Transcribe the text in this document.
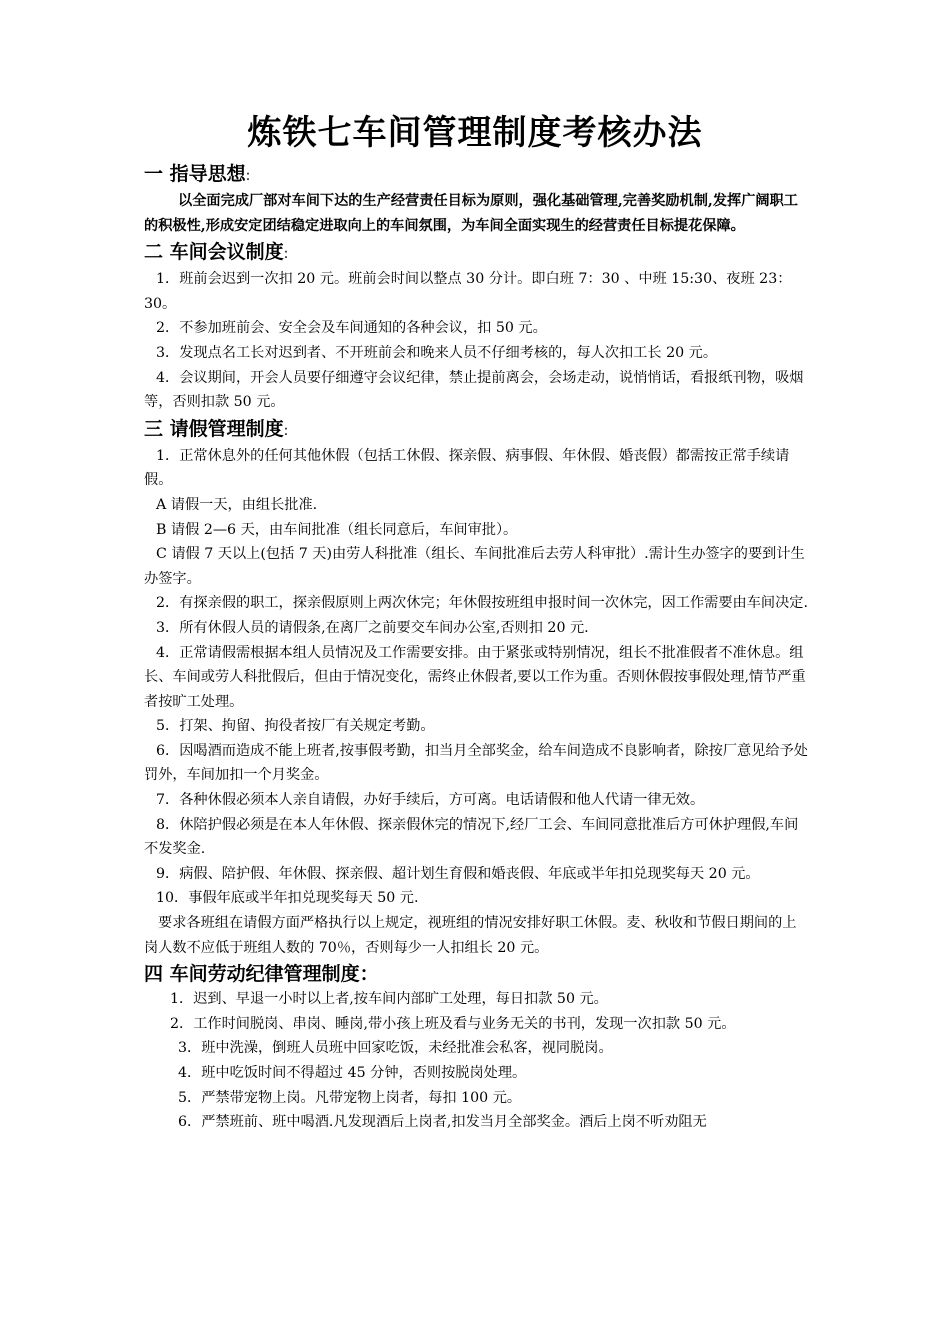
炼铁七车间管理制度考核办法
一 指导思想:

以全面完成厂部对车间下达的生产经营责任目标为原则，强化基础管理,完善奖励机制,发挥广阔职工的积极性,形成安定团结稳定进取向上的车间氛围，为车间全面实现生的经营责任目标提花保障。

二 车间会议制度:

1．班前会迟到一次扣 20 元。班前会时间以整点 30 分计。即白班 7：30 、中班 15:30、夜班 23：30。

2．不参加班前会、安全会及车间通知的各种会议，扣 50 元。

3．发现点名工长对迟到者、不开班前会和晚来人员不仔细考核的，每人次扣工长 20 元。

4．会议期间，开会人员要仔细遵守会议纪律，禁止提前离会，会场走动，说悄悄话，看报纸刊物，吸烟等，否则扣款 50 元。

三 请假管理制度:

1．正常休息外的任何其他休假（包括工休假、探亲假、病事假、年休假、婚丧假）都需按正常手续请假。

A 请假一天，由组长批准.

B 请假 2—6 天，由车间批准（组长同意后，车间审批）。

C 请假 7 天以上(包括 7 天)由劳人科批准（组长、车间批准后去劳人科审批）.需计生办签字的要到计生办签字。

2．有探亲假的职工，探亲假原则上两次休完；年休假按班组申报时间一次休完，因工作需要由车间决定.

3．所有休假人员的请假条,在离厂之前要交车间办公室,否则扣 20 元.

4．正常请假需根据本组人员情况及工作需要安排。由于紧张或特别情况，组长不批准假者不准休息。组长、车间或劳人科批假后，但由于情况变化，需终止休假者,要以工作为重。否则休假按事假处理,情节严重者按旷工处理。

5．打架、拘留、拘役者按厂有关规定考勤。

6．因喝酒而造成不能上班者,按事假考勤，扣当月全部奖金，给车间造成不良影响者，除按厂意见给予处罚外，车间加扣一个月奖金。

7．各种休假必须本人亲自请假，办好手续后，方可离。电话请假和他人代请一律无效。

8．休陪护假必须是在本人年休假、探亲假休完的情况下,经厂工会、车间同意批准后方可休护理假,车间不发奖金.

9．病假、陪护假、年休假、探亲假、超计划生育假和婚丧假、年底或半年扣兑现奖每天 20 元。

10．事假年底或半年扣兑现奖每天 50 元.

要求各班组在请假方面严格执行以上规定，视班组的情况安排好职工休假。麦、秋收和节假日期间的上岗人数不应低于班组人数的 70％，否则每少一人扣组长 20 元。

四 车间劳动纪律管理制度：

1．迟到、早退一小时以上者,按车间内部旷工处理，每日扣款 50 元。

2．工作时间脱岗、串岗、睡岗,带小孩上班及看与业务无关的书刊，发现一次扣款 50 元。

3．班中洗澡，倒班人员班中回家吃饭，未经批准会私客，视同脱岗。

4．班中吃饭时间不得超过 45 分钟，否则按脱岗处理。

5．严禁带宠物上岗。凡带宠物上岗者，每扣 100 元。

6．严禁班前、班中喝酒.凡发现酒后上岗者,扣发当月全部奖金。酒后上岗不听劝阻无
